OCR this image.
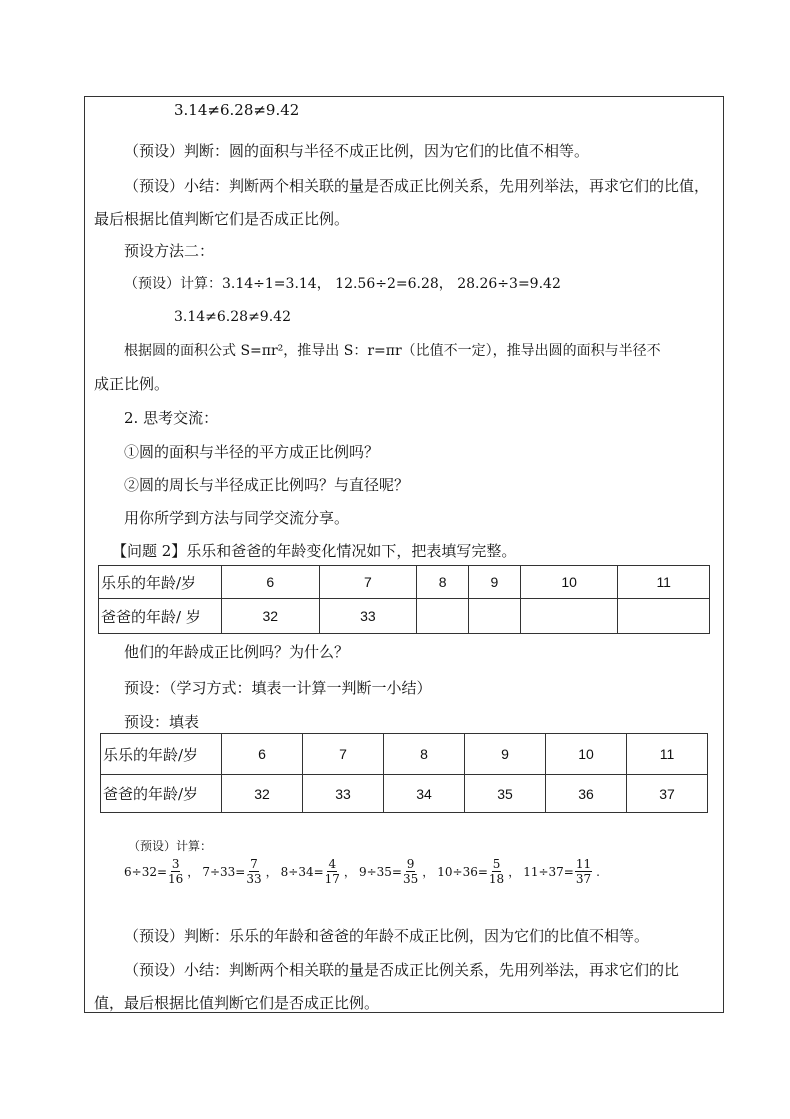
3.14≠6.28≠9.42
（预设）判断：圆的面积与半径不成正比例，因为它们的比值不相等。
（预设）小结：判断两个相关联的量是否成正比例关系，先用列举法，再求它们的比值，
最后根据比值判断它们是否成正比例。
预设方法二：
（预设）计算：3.14÷1=3.14， 12.56÷2=6.28， 28.26÷3=9.42
3.14≠6.28≠9.42
根据圆的面积公式 S=πr²，推导出 S：r=πr（比值不一定），推导出圆的面积与半径不
成正比例。
2. 思考交流：
①圆的面积与半径的平方成正比例吗？
②圆的周长与半径成正比例吗？与直径呢？
用你所学到方法与同学交流分享。
【问题 2】乐乐和爸爸的年龄变化情况如下，把表填写完整。
乐乐的年龄/岁	6	7	8	9	10	11
爸爸的年龄/ 岁	32	33				
他们的年龄成正比例吗？为什么？
预设：（学习方式：填表一计算一判断一小结）
预设：填表
乐乐的年龄/岁	6	7	8	9	10	11
爸爸的年龄/岁	32	33	34	35	36	37
（预设）计算：
$6\div 32= \frac{3}{16}$ ， $7\div 33= \frac{7}{33}$ ， $8\div 34= \frac{4}{17}$ ， $9\div 35= \frac{9}{35}$ ， $10\div 36= \frac{5}{18}$ ， $11\div 37= \frac{11}{37}$ .
（预设）判断：乐乐的年龄和爸爸的年龄不成正比例，因为它们的比值不相等。
（预设）小结：判断两个相关联的量是否成正比例关系，先用列举法，再求它们的比
值，最后根据比值判断它们是否成正比例。
